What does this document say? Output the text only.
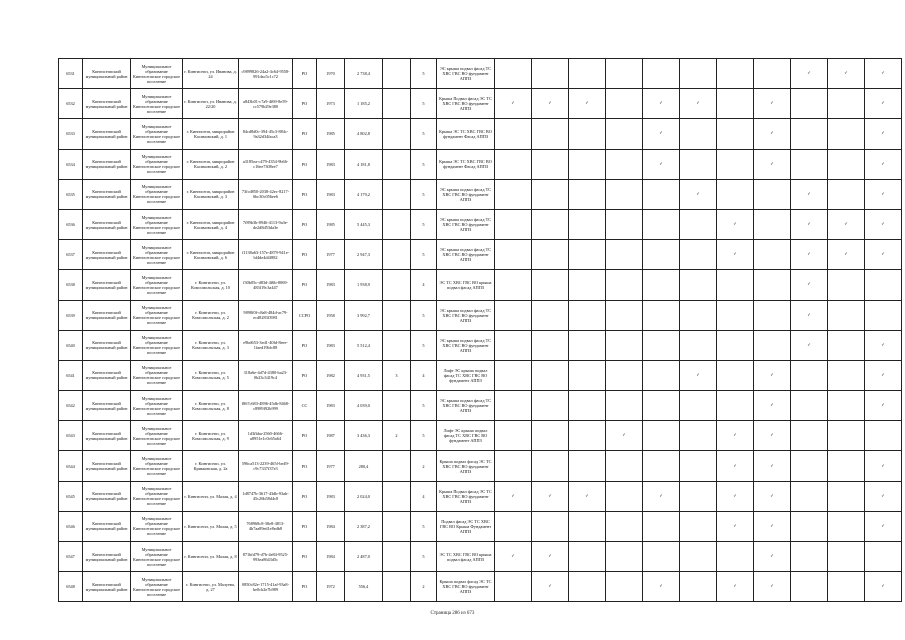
6531	Кингисеппский муниципальный район	Муниципальное образование Кингисеппское городское поселение	г. Кингисепп, ул. Иванова, д. 24	c9899826-24a2-4c64-9558-991dac5c1c72	РО	1970	2 738,4		5	ЭС крыша подвал фасад ТС ХВС ГВС ВО фундамент АППЗ									✓	✓	✓
6532	Кингисеппский муниципальный район	Муниципальное образование Кингисеппское городское поселение	г. Кингисепп, ул. Иванова, д. 22/20	a843b01-c7a9-4f69-8e59-cc579b29e380	РО	1973	1 185,2		5	Крыша Подвал фасад ЭС ТС ХВС ГВС ВО фундамент АППЗ	✓	✓	✓		✓	✓		✓			✓
6533	Кингисеппский муниципальный район	Муниципальное образование Кингисеппское городское поселение	г. Кингисепп, микрорайон Касимовский, д. 1	84cd8d0c-394-45c3-884c-9a32d34faca3	РО	1985	4 802,8		5	Крыша ЭС ТС ХВС ГВС ВО фундамент Фасад АППЗ					✓			✓			✓
6534	Кингисеппский муниципальный район	Муниципальное образование Кингисеппское городское поселение	г. Кингисепп, микрорайон Касимовский, д. 2	a3185ea-c479-4354-9b66-c16ee7308ee7	РО	1983	4 181,8		5	Крыша ЭС ТС ХВС ГВС ВО фундамент Фасад АППЗ					✓			✓			✓
6535	Кингисеппский муниципальный район	Муниципальное образование Кингисеппское городское поселение	г. Кингисепп, микрорайон Касимовский, д. 3	73fcd850-2038-42ec-8217-6bc30c056ee6	РО	1983	4 179,2		5	ЭС крыша подвал фасад ТС ХВС ГВС ВО фундамент АППЗ						✓			✓		✓
6536	Кингисеппский муниципальный район	Муниципальное образование Кингисеппское городское поселение	г. Кингисепп, микрорайон Касимовский, д. 4	7f89b3b-8946-4113-9a3e-de2d8d53da3e	РО	1985	5 445,3		5	ЭС крыша подвал фасад ТС ХВС ГВС ВО фундамент АППЗ							✓		✓	✓	✓
6537	Кингисеппский муниципальный район	Муниципальное образование Кингисеппское городское поселение	г. Кингисепп, микрорайон Касимовский, д. 6	f1138a63-157e-4879-941e-bf4de4d4f882	РО	1977	2 947,3		5	ЭС крыша подвал фасад ТС ХВС ГВС ВО фундамент АППЗ							✓		✓	✓	✓
6538	Кингисеппский муниципальный район	Муниципальное образование Кингисеппское городское поселение	г. Кингисепп, ул. Комсомольская, д. 10	f30b05c-d83d-4f6b-8069-483f19c3a447	РО	1983	1 938,9		4	ЭС ТС ХВС ГВС ВО крыша подвал фасад АППЗ									✓		
6539	Кингисеппский муниципальный район	Муниципальное образование Кингисеппское городское поселение	г. Кингисепп, ул. Комсомольская, д. 2	9898f0f-c8a8-484d-ac79-ecd8283f3981	ССРО	1958	3 992,7		5	ЭС крыша подвал фасад ТС ХВС ГВС ВО фундамент АППЗ									✓		
6540	Кингисеппский муниципальный район	Муниципальное образование Кингисеппское городское поселение	г. Кингисепп, ул. Комсомольская, д. 3	e9bd653-3ed1-40fd-8eee-1faed19bfc88	РО	1983	5 512,4		5	ЭС крыша подвал фасад ТС ХВС ГВС ВО фундамент АППЗ									✓		✓
6541	Кингисеппский муниципальный район	Муниципальное образование Кингисеппское городское поселение	г. Кингисепп, ул. Комсомольская, д. 5	318a6e-4d7d-4380-ba23-0b23c3419c4	РО	1982	4 931,5	3	4	Лифт ЭС крыша подвал фасад ТС ХВС ГВС ВО фундамент АППЗ						✓		✓			✓
6542	Кингисеппский муниципальный район	Муниципальное образование Кингисеппское городское поселение	г. Кингисепп, ул. Комсомольская, д. 8	f867c683-4896-45db-8468-c8989f92b999	СС	1983	4 039,0		5	ЭС крыша подвал фасад ТС ХВС ГВС ВО фундамент АППЗ								✓			✓
6543	Кингисеппский муниципальный район	Муниципальное образование Кингисеппское городское поселение	г. Кингисепп, ул. Комсомольская, д. 9	1d3fbba-2560-4666-a8951e1c0c65a64	РО	1987	3 436,3	2	5	Лифт ЭС крыша подвал фасад ТС ХВС ГВС ВО фундамент АППЗ				✓			✓	✓			
6544	Кингисеппский муниципальный район	Муниципальное образование Кингисеппское городское поселение	г. Кингисепп, ул. Крикковская, д. 2а	596ca513-2239-465f-be49-c9c7337f37e3	РО	1977	280,4		2	Крыша подвал фасад ЭС ТС ХВС ГВС ВО фундамент АППЗ							✓	✓			✓
6545	Кингисеппский муниципальный район	Муниципальное образование Кингисеппское городское поселение	г. Кингисепп, ул. Малая, д. 4	1d8747b-3617-43db-93ab-45c26b58d4c8	РО	1983	2 024,0		4	Крыша Подвал фасад ЭС ТС ХВС ГВС ВО фундамент АППЗ	✓	✓	✓		✓		✓	✓			✓
6546	Кингисеппский муниципальный район	Муниципальное образование Кингисеппское городское поселение	г. Кингисепп, ул. Малая, д. 5	768968c8-38e8-4813-4b7aa89ed1e8edb8	РО	1984	2 387,2		5	Подвал фасад ЭС ТС ХВС ГВС ВО Крыша Фундамент АППЗ							✓	✓			✓
6547	Кингисеппский муниципальный район	Муниципальное образование Кингисеппское городское поселение	г. Кингисепп, ул. Малая, д. 8	871bfd79-d7b-4e84-9525-993ea8643d5c	РО	1984	2 487,0		5	ЭС ТС ХВС ГВС ВО крыша подвал фасад АППЗ	✓	✓						✓			
6548	Кингисеппский муниципальный район	Муниципальное образование Кингисеппское городское поселение	г. Кингисепп, ул. Малуева, д. 27	0850c82e-1715-41af-93a8-be0cb2e7b989	РО	1972	556,4		2	Крыша подвал фасад ЭС ТС ХВС ГВС ВО фундамент АППЗ		✓			✓		✓	✓			✓
Страница 286 из 673
